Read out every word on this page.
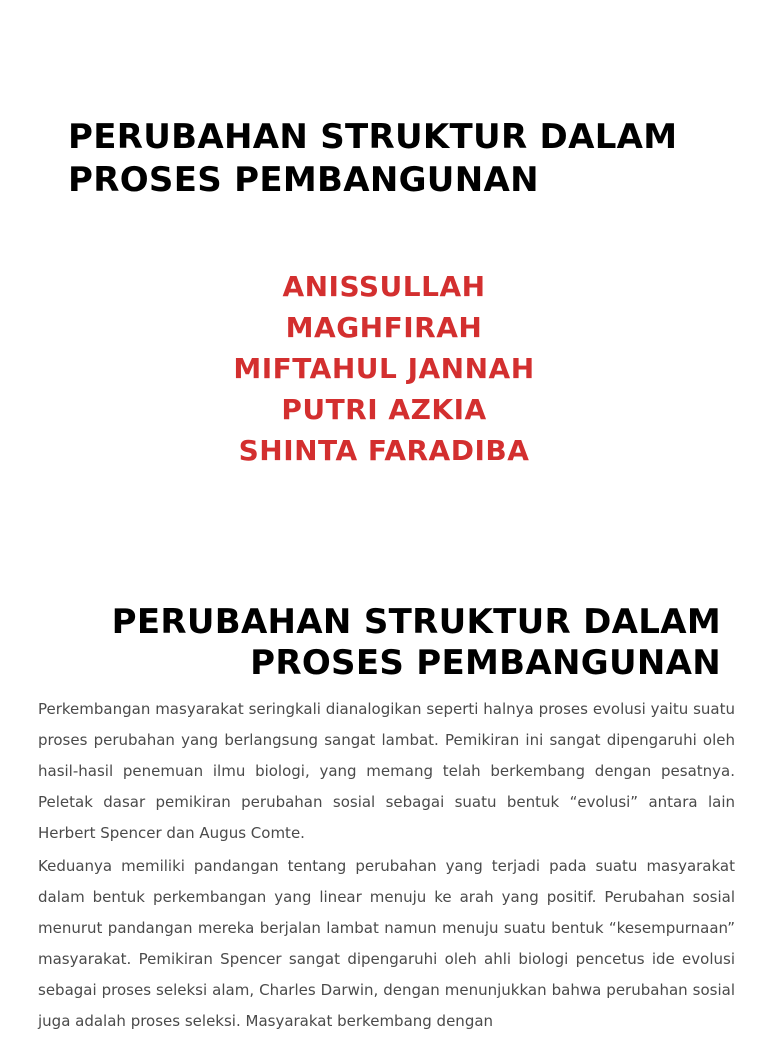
PERUBAHAN STRUKTUR DALAM PROSES PEMBANGUNAN
ANISSULLAH
MAGHFIRAH
MIFTAHUL JANNAH
PUTRI AZKIA
SHINTA FARADIBA
PERUBAHAN STRUKTUR DALAM
PROSES PEMBANGUNAN

Perkembangan masyarakat seringkali dianalogikan seperti halnya proses evolusi yaitu suatu proses perubahan yang berlangsung sangat lambat. Pemikiran ini sangat dipengaruhi oleh hasil-hasil penemuan ilmu biologi, yang memang telah berkembang dengan pesatnya. Peletak dasar pemikiran perubahan sosial sebagai suatu bentuk “evolusi” antara lain Herbert Spencer dan Augus Comte.

Keduanya memiliki pandangan tentang perubahan yang terjadi pada suatu masyarakat dalam bentuk perkembangan yang linear menuju ke arah yang positif. Perubahan sosial menurut pandangan mereka berjalan lambat namun menuju suatu bentuk “kesempurnaan” masyarakat. Pemikiran Spencer sangat dipengaruhi oleh ahli biologi pencetus ide evolusi sebagai proses seleksi alam, Charles Darwin, dengan menunjukkan bahwa perubahan sosial juga adalah proses seleksi. Masyarakat berkembang dengan
